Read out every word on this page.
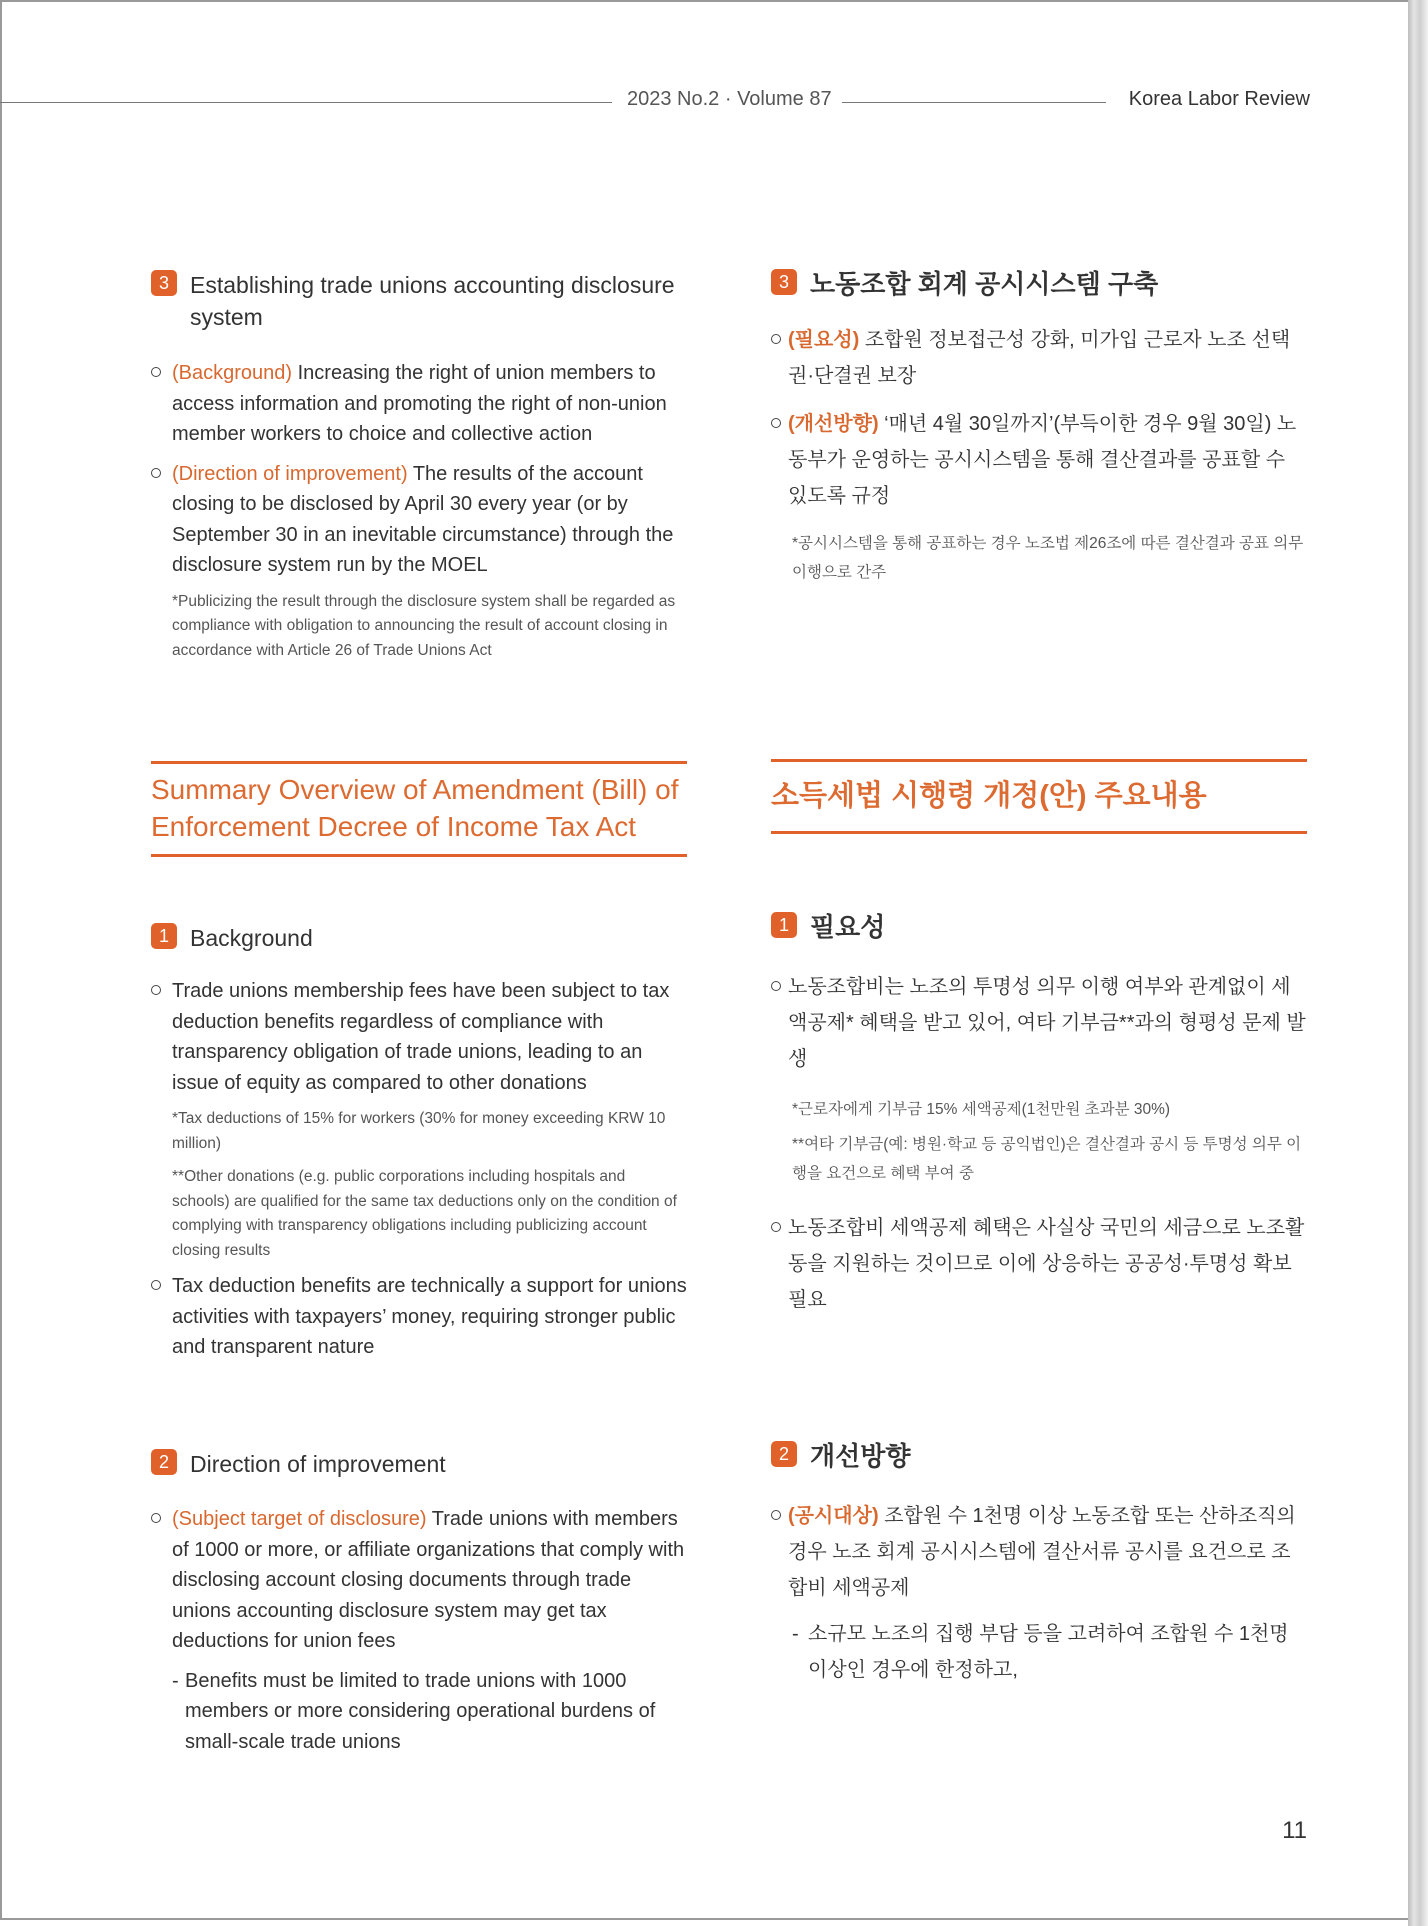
2023 No.2 · Volume 87	Korea Labor Review
3 Establishing trade unions accounting disclosure system

(Background) Increasing the right of union members to access information and promoting the right of non-union member workers to choice and collective action

(Direction of improvement) The results of the account closing to be disclosed by April 30 every year (or by September 30 in an inevitable circumstance) through the disclosure system run by the MOEL

*Publicizing the result through the disclosure system shall be regarded as compliance with obligation to announcing the result of account closing in accordance with Article 26 of Trade Unions Act

3 노동조합 회계 공시시스템 구축

(필요성) 조합원 정보접근성 강화, 미가입 근로자 노조 선택권·단결권 보장

(개선방향) ‘매년 4월 30일까지’(부득이한 경우 9월 30일) 노동부가 운영하는 공시시스템을 통해 결산결과를 공표할 수 있도록 규정

*공시시스템을 통해 공표하는 경우 노조법 제26조에 따른 결산결과 공표 의무 이행으로 간주

Summary Overview of Amendment (Bill) of Enforcement Decree of Income Tax Act
소득세법 시행령 개정(안) 주요내용
1 Background

Trade unions membership fees have been subject to tax deduction benefits regardless of compliance with transparency obligation of trade unions, leading to an issue of equity as compared to other donations

*Tax deductions of 15% for workers (30% for money exceeding KRW 10 million)

**Other donations (e.g. public corporations including hospitals and schools) are qualified for the same tax deductions only on the condition of complying with transparency obligations including publicizing account closing results

Tax deduction benefits are technically a support for unions activities with taxpayers’ money, requiring stronger public and transparent nature

1 필요성

노동조합비는 노조의 투명성 의무 이행 여부와 관계없이 세액공제* 혜택을 받고 있어, 여타 기부금**과의 형평성 문제 발생

*근로자에게 기부금 15% 세액공제(1천만원 초과분 30%)

**여타 기부금(예: 병원·학교 등 공익법인)은 결산결과 공시 등 투명성 의무 이행을 요건으로 혜택 부여 중

노동조합비 세액공제 혜택은 사실상 국민의 세금으로 노조활동을 지원하는 것이므로 이에 상응하는 공공성·투명성 확보 필요

2 Direction of improvement

(Subject target of disclosure) Trade unions with members of 1000 or more, or affiliate organizations that comply with disclosing account closing documents through trade unions accounting disclosure system may get tax deductions for union fees

- Benefits must be limited to trade unions with 1000 members or more considering operational burdens of small-scale trade unions

2 개선방향

(공시대상) 조합원 수 1천명 이상 노동조합 또는 산하조직의 경우 노조 회계 공시시스템에 결산서류 공시를 요건으로 조합비 세액공제

- 소규모 노조의 집행 부담 등을 고려하여 조합원 수 1천명 이상인 경우에 한정하고,

11
